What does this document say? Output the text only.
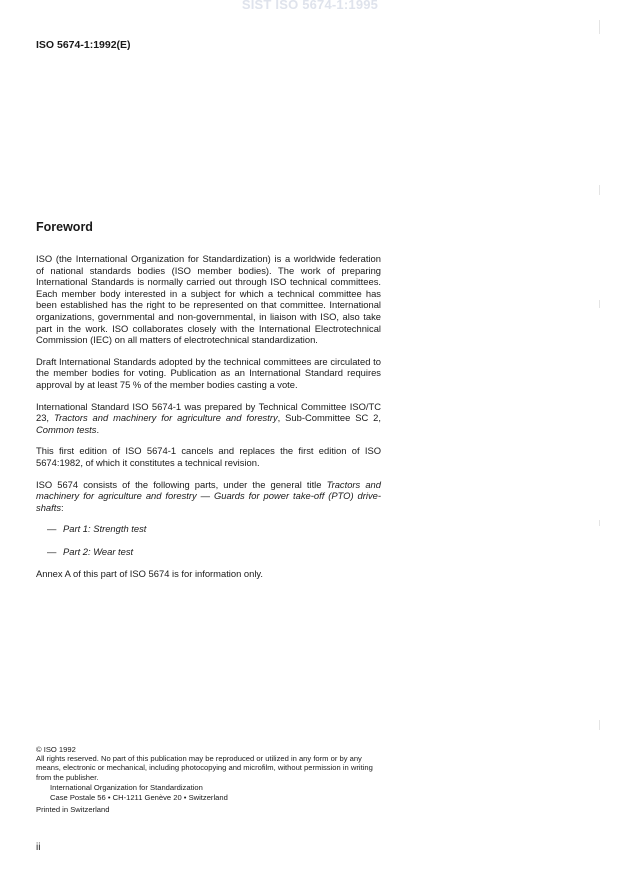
SIST ISO 5674-1:1995
ISO 5674-1:1992(E)
Foreword

ISO (the International Organization for Standardization) is a worldwide federation of national standards bodies (ISO member bodies). The work of preparing International Standards is normally carried out through ISO technical committees. Each member body interested in a subject for which a technical committee has been established has the right to be represented on that committee. International organizations, governmental and non-governmental, in liaison with ISO, also take part in the work. ISO collaborates closely with the International Electrotechnical Commission (IEC) on all matters of electrotechnical standardization.

Draft International Standards adopted by the technical committees are circulated to the member bodies for voting. Publication as an International Standard requires approval by at least 75 % of the member bodies casting a vote.

International Standard ISO 5674-1 was prepared by Technical Committee ISO/TC 23, Tractors and machinery for agriculture and forestry, Sub-Committee SC 2, Common tests.

This first edition of ISO 5674-1 cancels and replaces the first edition of ISO 5674:1982, of which it constitutes a technical revision.

ISO 5674 consists of the following parts, under the general title Tractors and machinery for agriculture and forestry — Guards for power take-off (PTO) drive-shafts:

— Part 1: Strength test
— Part 2: Wear test

Annex A of this part of ISO 5674 is for information only.

© ISO 1992
All rights reserved. No part of this publication may be reproduced or utilized in any form or by any means, electronic or mechanical, including photocopying and microfilm, without permission in writing from the publisher.
International Organization for Standardization
Case Postale 56 • CH-1211 Genève 20 • Switzerland
Printed in Switzerland
ii
